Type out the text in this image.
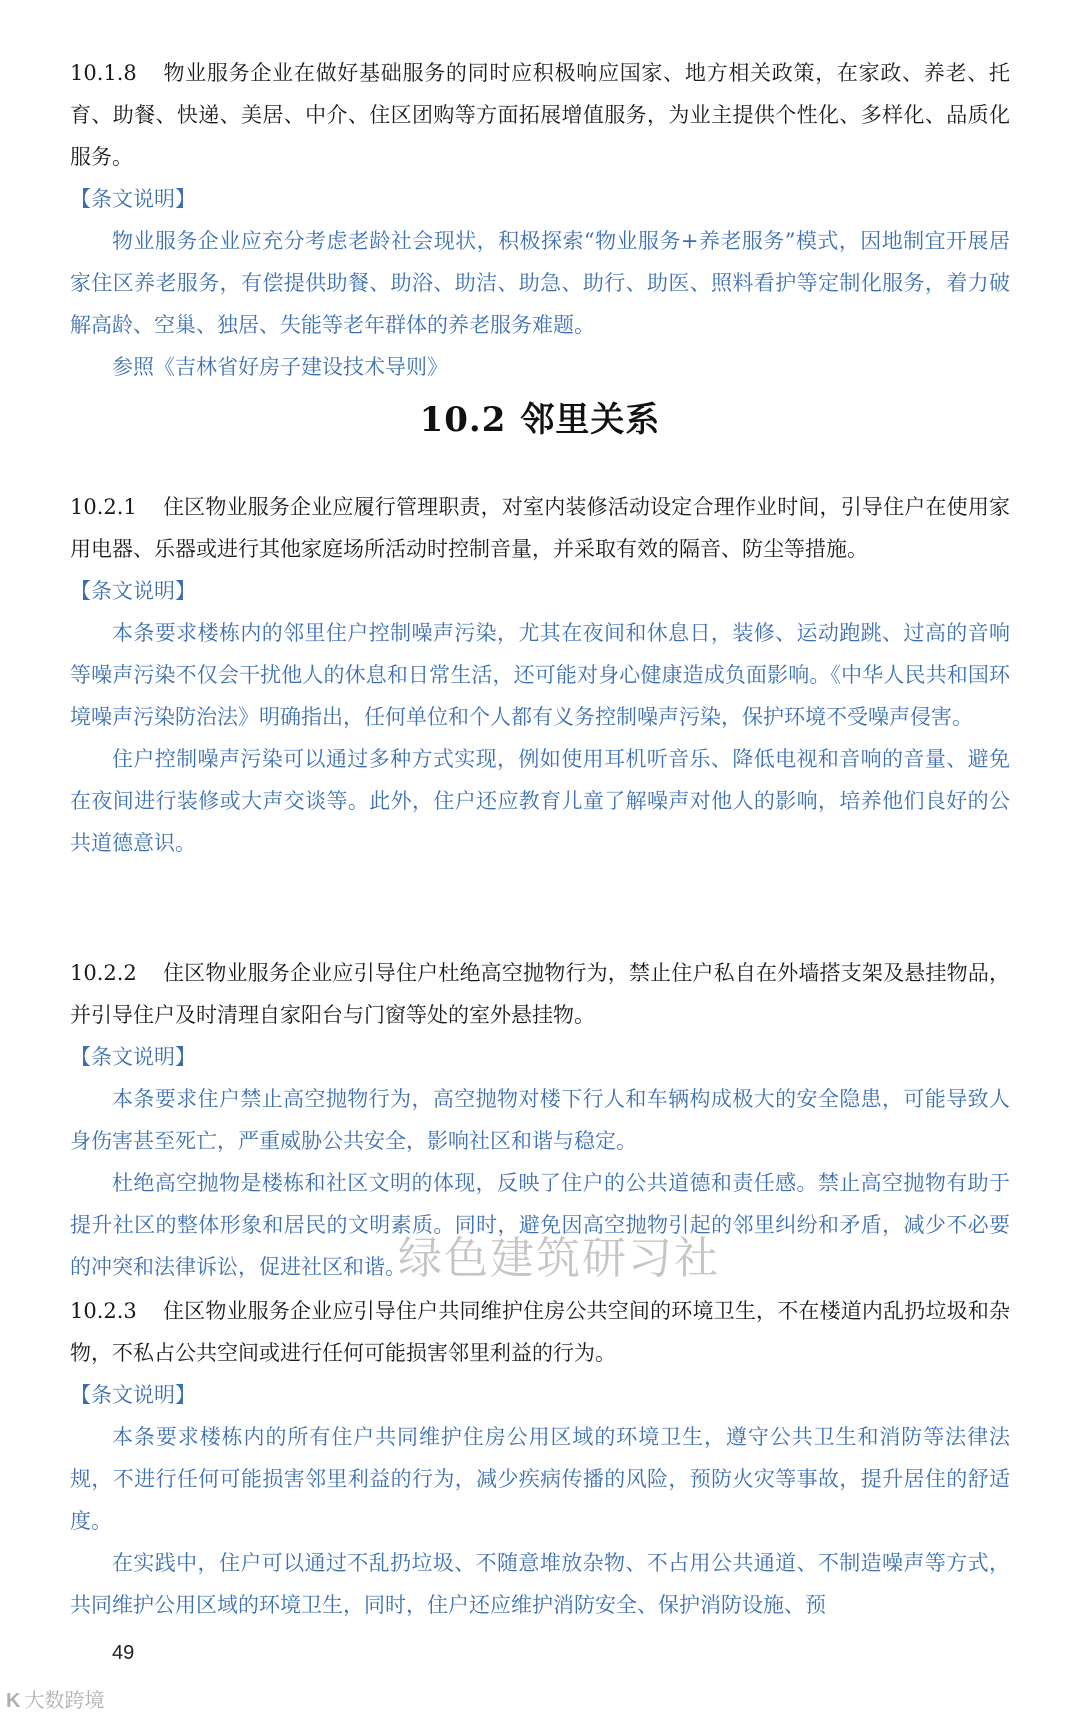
10.1.8 物业服务企业在做好基础服务的同时应积极响应国家、地方相关政策，在家政、养老、托育、助餐、快递、美居、中介、住区团购等方面拓展增值服务，为业主提供个性化、多样化、品质化服务。

【条文说明】

物业服务企业应充分考虑老龄社会现状，积极探索“物业服务+养老服务”模式，因地制宜开展居家住区养老服务，有偿提供助餐、助浴、助洁、助急、助行、助医、照料看护等定制化服务，着力破解高龄、空巢、独居、失能等老年群体的养老服务难题。

参照《吉林省好房子建设技术导则》

10.2 邻里关系

10.2.1 住区物业服务企业应履行管理职责，对室内装修活动设定合理作业时间，引导住户在使用家用电器、乐器或进行其他家庭场所活动时控制音量，并采取有效的隔音、防尘等措施。

【条文说明】

本条要求楼栋内的邻里住户控制噪声污染，尤其在夜间和休息日，装修、运动跑跳、过高的音响等噪声污染不仅会干扰他人的休息和日常生活，还可能对身心健康造成负面影响。《中华人民共和国环境噪声污染防治法》明确指出，任何单位和个人都有义务控制噪声污染，保护环境不受噪声侵害。

住户控制噪声污染可以通过多种方式实现，例如使用耳机听音乐、降低电视和音响的音量、避免在夜间进行装修或大声交谈等。此外，住户还应教育儿童了解噪声对他人的影响，培养他们良好的公共道德意识。

10.2.2 住区物业服务企业应引导住户杜绝高空抛物行为，禁止住户私自在外墙搭支架及悬挂物品，并引导住户及时清理自家阳台与门窗等处的室外悬挂物。

【条文说明】

本条要求住户禁止高空抛物行为，高空抛物对楼下行人和车辆构成极大的安全隐患，可能导致人身伤害甚至死亡，严重威胁公共安全，影响社区和谐与稳定。

杜绝高空抛物是楼栋和社区文明的体现，反映了住户的公共道德和责任感。禁止高空抛物有助于提升社区的整体形象和居民的文明素质。同时，避免因高空抛物引起的邻里纠纷和矛盾，减少不必要的冲突和法律诉讼，促进社区和谐。

10.2.3 住区物业服务企业应引导住户共同维护住房公共空间的环境卫生，不在楼道内乱扔垃圾和杂物，不私占公共空间或进行任何可能损害邻里利益的行为。

【条文说明】

本条要求楼栋内的所有住户共同维护住房公用区域的环境卫生，遵守公共卫生和消防等法律法规，不进行任何可能损害邻里利益的行为，减少疾病传播的风险，预防火灾等事故，提升居住的舒适度。

在实践中，住户可以通过不乱扔垃圾、不随意堆放杂物、不占用公共通道、不制造噪声等方式，共同维护公用区域的环境卫生，同时，住户还应维护消防安全、保护消防设施、预

绿色建筑研习社
49
K 大数跨境
